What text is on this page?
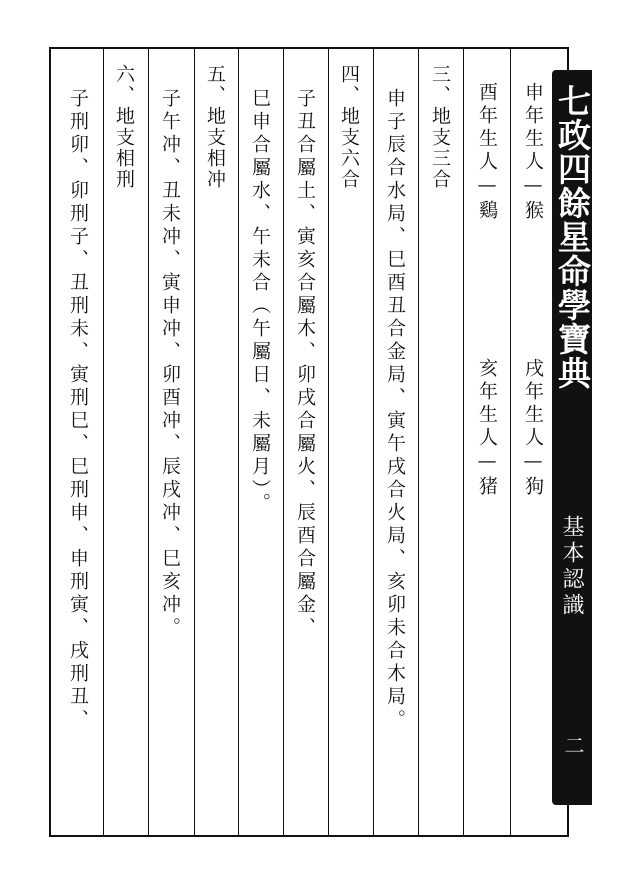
申年生人—猴
戌年生人—狗
酉年生人—鷄
亥年生人—猪
三、地支三合
申子辰合水局、巳酉丑合金局、寅午戌合火局、亥卯未合木局。
四、地支六合
子丑合屬土、寅亥合屬木、卯戌合屬火、辰酉合屬金、
巳申合屬水、午未合（午屬日、未屬月）。
五、地支相冲
子午冲、丑未冲、寅申冲、卯酉冲、辰戌冲、巳亥冲。
六、地支相刑
子刑卯、卯刑子、丑刑未、寅刑巳、巳刑申、申刑寅、戌刑丑、	七政四餘星命學寶典
基本認識
二
